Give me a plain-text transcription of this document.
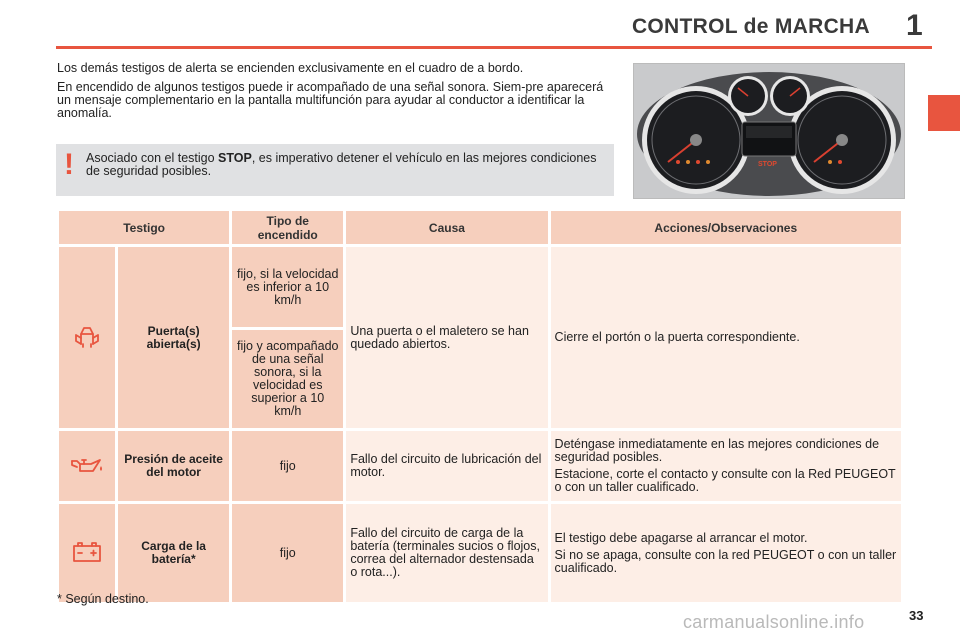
CONTROL de MARCHA 1

Los demás testigos de alerta se encienden exclusivamente en el cuadro de a bordo.

En encendido de algunos testigos puede ir acompañado de una señal sonora. Siem-pre aparecerá un mensaje complementario en la pantalla multifunción para ayudar al conductor a identificar la anomalía.

! Asociado con el testigo STOP, es imperativo detener el vehículo en las mejores condiciones de seguridad posibles.	STOP
Testigo		Tipo de encendido	Causa	Acciones/Observaciones
	Puerta(s) abierta(s)	fijo, si la velocidad es inferior a 10 km/h	Una puerta o el maletero se han quedado abiertos.	Cierre el portón o la puerta correspondiente.

		fijo y acompañado de una señal sonora, si la velocidad es superior a 10 km/h		
	Presión de aceite del motor	fijo	Fallo del circuito de lubricación del motor.	Deténgase inmediatamente en las mejores condiciones de seguridad posibles.

Estacione, corte el contacto y consulte con la Red PEUGEOT o con un taller cualificado.

	Carga de la batería*	fijo	Fallo del circuito de carga de la batería (terminales sucios o flojos, correa del alternador destensada o rota...).	El testigo debe apagarse al arrancar el motor.

Si no se apaga, consulte con la red PEUGEOT o con un taller cualificado.

* Según destino.
carmanualsonline.info	33
